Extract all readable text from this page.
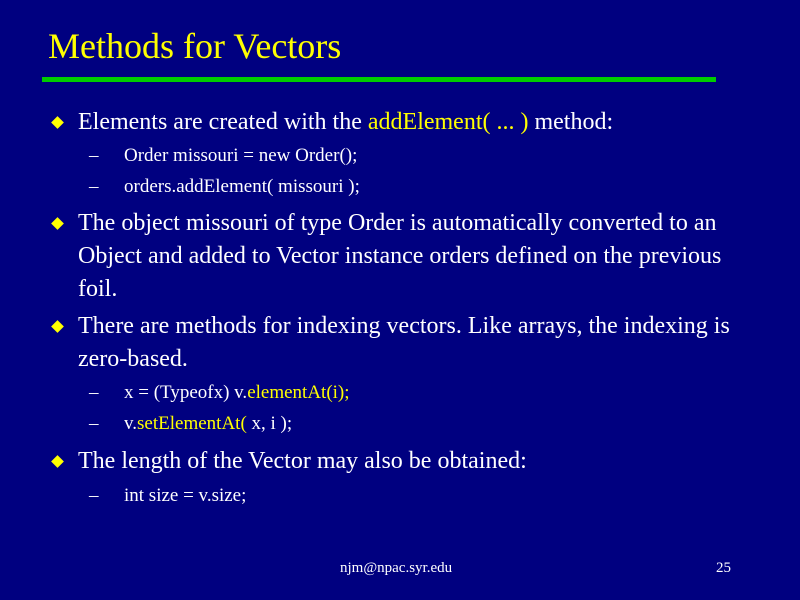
Methods for Vectors
Elements are created with the addElement( ... ) method:
– Order missouri = new Order();
– orders.addElement( missouri );
The object missouri of type Order is automatically converted to an Object and added to Vector instance orders defined on the previous foil.
There are methods for indexing vectors. Like arrays, the indexing is zero-based.
– x = (Typeofx) v.elementAt(i);
– v.setElementAt( x, i );
The length of the Vector may also be obtained:
– int size = v.size;
njm@npac.syr.edu	25
